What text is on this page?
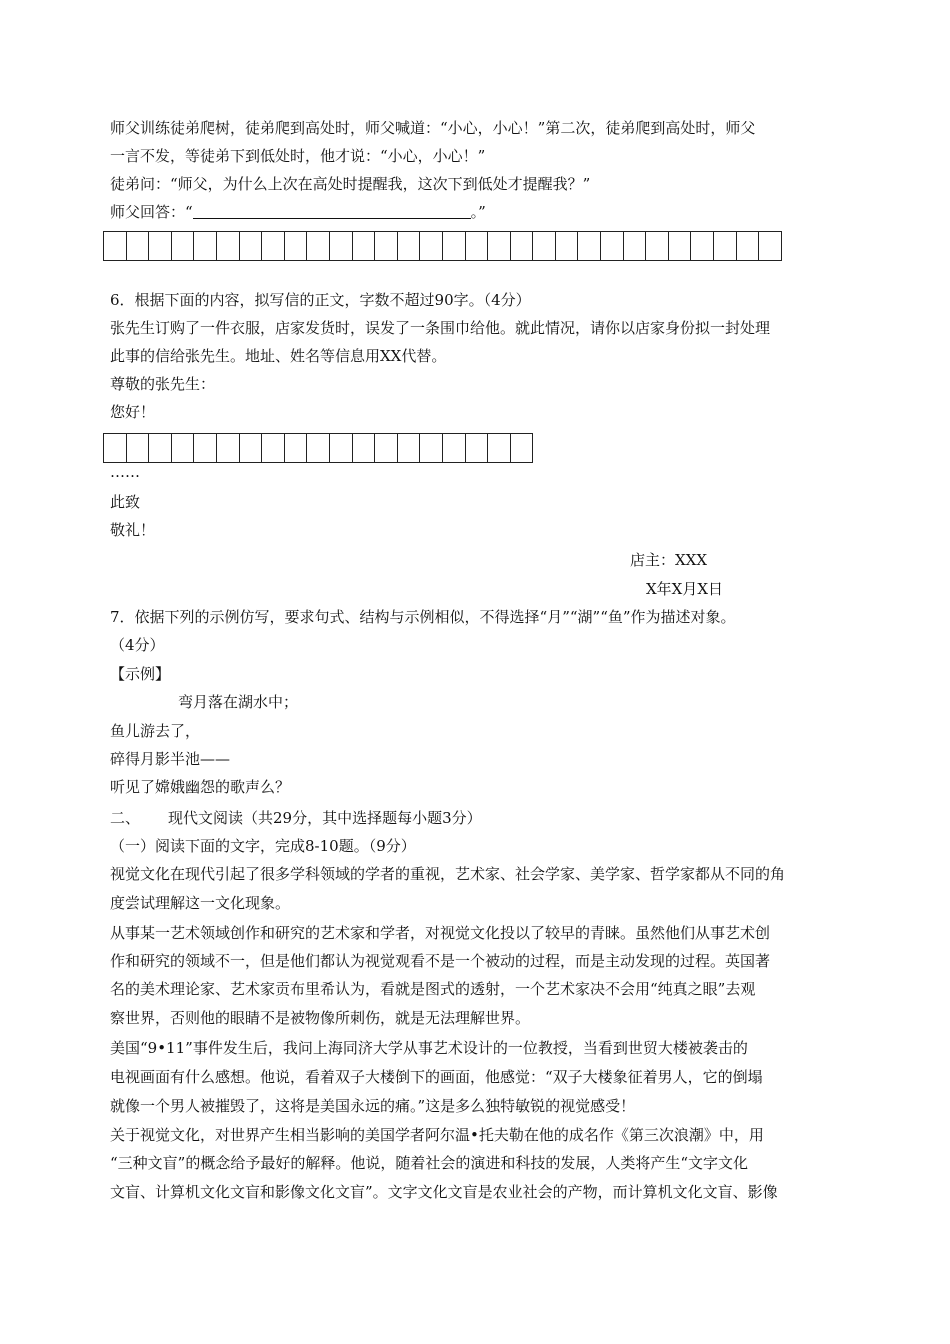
师父训练徒弟爬树，徒弟爬到高处时，师父喊道：“小心，小心！”第二次，徒弟爬到高处时，师父
一言不发，等徒弟下到低处时，他才说：“小心，小心！”
徒弟问：“师父，为什么上次在高处时提醒我，这次下到低处才提醒我？”
师父回答：“	。”
6．根据下面的内容，拟写信的正文，字数不超过90字。（4分）
张先生订购了一件衣服，店家发货时，误发了一条围巾给他。就此情况，请你以店家身份拟一封处理
此事的信给张先生。地址、姓名等信息用XX代替。
尊敬的张先生：
您好！
……
此致
敬礼！
店主：XXX
X年X月X日
7．依据下列的示例仿写，要求句式、结构与示例相似，不得选择“月”“湖”“鱼”作为描述对象。
（4分）
【示例】
弯月落在湖水中；
鱼儿游去了，
碎得月影半池——
听见了嫦娥幽怨的歌声么？
二、 现代文阅读（共29分，其中选择题每小题3分）
（一）阅读下面的文字，完成8-10题。（9分）
视觉文化在现代引起了很多学科领域的学者的重视，艺术家、社会学家、美学家、哲学家都从不同的角
度尝试理解这一文化现象。
从事某一艺术领域创作和研究的艺术家和学者，对视觉文化投以了较早的青睐。虽然他们从事艺术创
作和研究的领域不一，但是他们都认为视觉观看不是一个被动的过程，而是主动发现的过程。英国著
名的美术理论家、艺术家贡布里希认为，看就是图式的透射，一个艺术家决不会用“纯真之眼”去观
察世界，否则他的眼睛不是被物像所刺伤，就是无法理解世界。
美国“9•11”事件发生后，我问上海同济大学从事艺术设计的一位教授，当看到世贸大楼被袭击的
电视画面有什么感想。他说，看着双子大楼倒下的画面，他感觉：“双子大楼象征着男人，它的倒塌
就像一个男人被摧毁了，这将是美国永远的痛。”这是多么独特敏锐的视觉感受！
关于视觉文化，对世界产生相当影响的美国学者阿尔温•托夫勒在他的成名作《第三次浪潮》中，用
“三种文盲”的概念给予最好的解释。他说，随着社会的演进和科技的发展，人类将产生“文字文化
文盲、计算机文化文盲和影像文化文盲”。文字文化文盲是农业社会的产物，而计算机文化文盲、影像
